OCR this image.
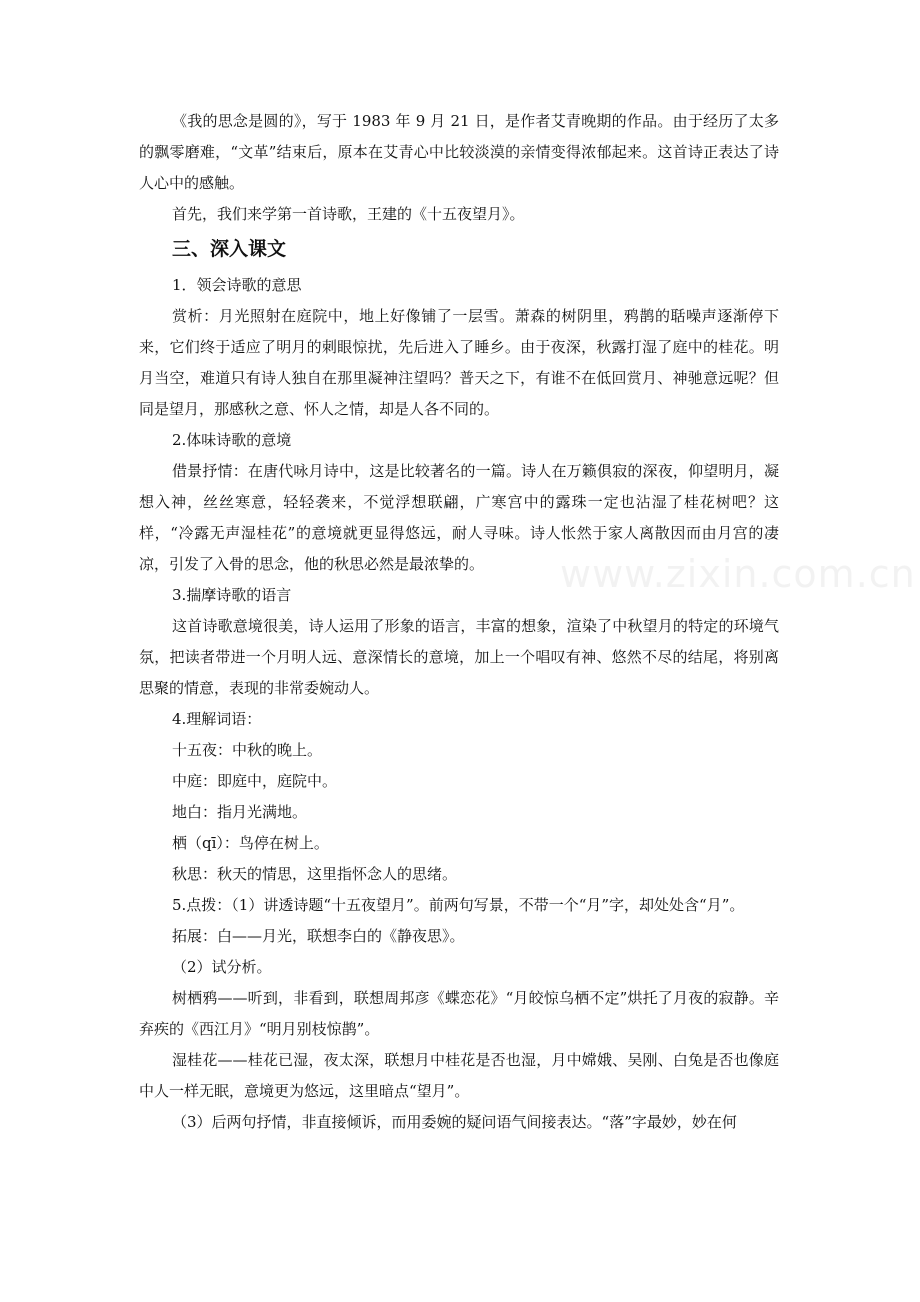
《我的思念是圆的》，写于 1983 年 9 月 21 日，是作者艾青晚期的作品。由于经历了太多的飘零磨难，“文革”结束后，原本在艾青心中比较淡漠的亲情变得浓郁起来。这首诗正表达了诗人心中的感触。

首先，我们来学第一首诗歌，王建的《十五夜望月》。

三、深入课文

1．领会诗歌的意思

赏析：月光照射在庭院中，地上好像铺了一层雪。萧森的树阴里，鸦鹊的聒噪声逐渐停下来，它们终于适应了明月的刺眼惊扰，先后进入了睡乡。由于夜深，秋露打湿了庭中的桂花。明月当空，难道只有诗人独自在那里凝神注望吗？普天之下，有谁不在低回赏月、神驰意远呢？但同是望月，那感秋之意、怀人之情，却是人各不同的。

2.体味诗歌的意境

借景抒情：在唐代咏月诗中，这是比较著名的一篇。诗人在万籁俱寂的深夜，仰望明月，凝想入神，丝丝寒意，轻轻袭来，不觉浮想联翩，广寒宫中的露珠一定也沾湿了桂花树吧？这样，“冷露无声湿桂花”的意境就更显得悠远，耐人寻味。诗人怅然于家人离散因而由月宫的凄凉，引发了入骨的思念，他的秋思必然是最浓挚的。

3.揣摩诗歌的语言

这首诗歌意境很美，诗人运用了形象的语言，丰富的想象，渲染了中秋望月的特定的环境气氛，把读者带进一个月明人远、意深情长的意境，加上一个唱叹有神、悠然不尽的结尾，将别离思聚的情意，表现的非常委婉动人。

4.理解词语：

十五夜：中秋的晚上。

中庭：即庭中，庭院中。

地白：指月光满地。

栖（qī）：鸟停在树上。

秋思：秋天的情思，这里指怀念人的思绪。

5.点拨：（1）讲透诗题“十五夜望月”。前两句写景，不带一个“月”字，却处处含“月”。

拓展：白——月光，联想李白的《静夜思》。

（2）试分析。

树栖鸦——听到，非看到，联想周邦彦《蝶恋花》“月皎惊乌栖不定”烘托了月夜的寂静。辛弃疾的《西江月》“明月别枝惊鹊”。

湿桂花——桂花已湿，夜太深，联想月中桂花是否也湿，月中嫦娥、吴刚、白兔是否也像庭中人一样无眠，意境更为悠远，这里暗点“望月”。

（3）后两句抒情，非直接倾诉，而用委婉的疑问语气间接表达。“落”字最妙，妙在何

www.zixin.com.cn
